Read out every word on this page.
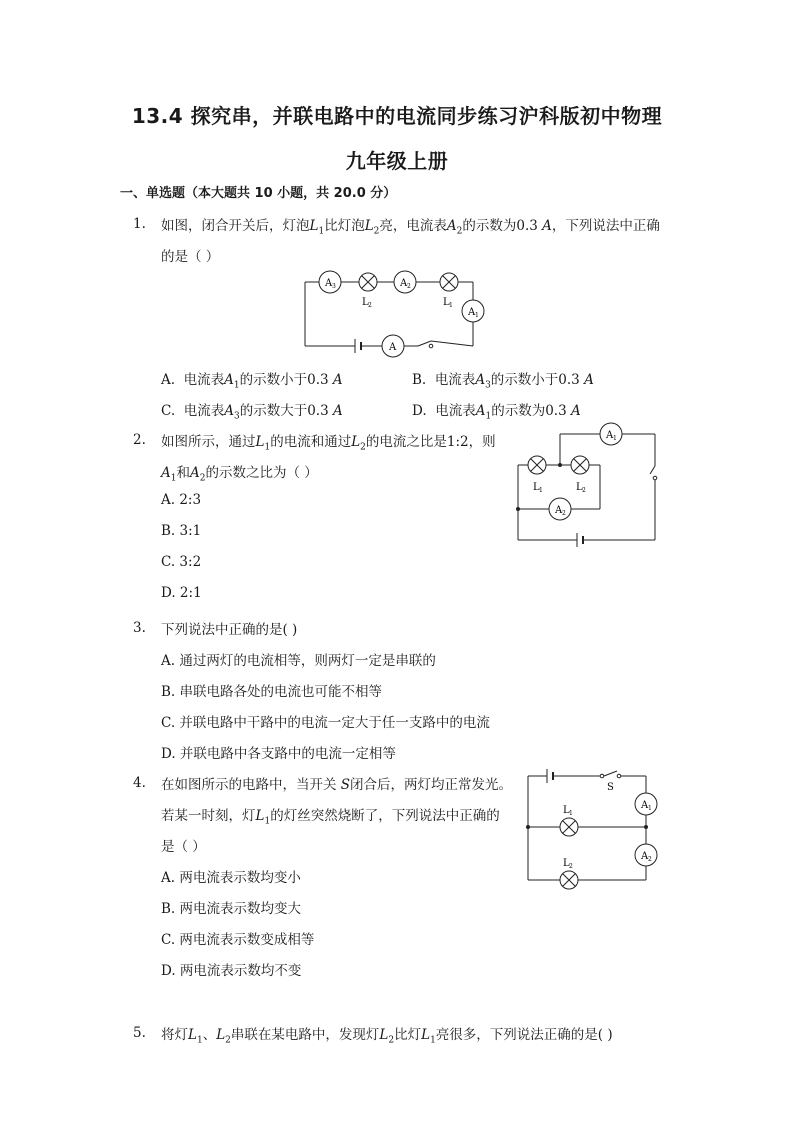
13.4 探究串，并联电路中的电流同步练习沪科版初中物理
九年级上册
一、单选题（本大题共 10 小题，共 20.0 分）
1. 如图，闭合开关后，灯泡$L_1$比灯泡$L_2$亮，电流表$A_2$的示数为0.3 A，下列说法中正确
的是（ ）
A 3
L 2
A 2
L 1
A 1
A
A. 电流表$A_1$的示数小于0.3 A	B. 电流表$A_3$的示数小于0.3 A
C. 电流表$A_3$的示数大于0.3 A	D. 电流表$A_1$的示数为0.3 A
2. 如图所示，通过$L_1$的电流和通过$L_2$的电流之比是1:2，则
$A_1$和$A_2$的示数之比为（ ）
A 1
L 1	L 2
A 2
A. 2:3
B. 3:1
C. 3:2
D. 2:1
3. 下列说法中正确的是( )
A. 通过两灯的电流相等，则两灯一定是串联的
B. 串联电路各处的电流也可能不相等
C. 并联电路中干路中的电流一定大于任一支路中的电流
D. 并联电路中各支路中的电流一定相等
4. 在如图所示的电路中，当开关 S闭合后，两灯均正常发光。
若某一时刻，灯$L_1$的灯丝突然烧断了，下列说法中正确的
是（ ）
S
L 1
A 1
L 2
A 2
A. 两电流表示数均变小
B. 两电流表示数均变大
C. 两电流表示数变成相等
D. 两电流表示数均不变
5. 将灯$L_1$、$L_2$串联在某电路中，发现灯$L_2$比灯$L_1$亮很多，下列说法正确的是( )
